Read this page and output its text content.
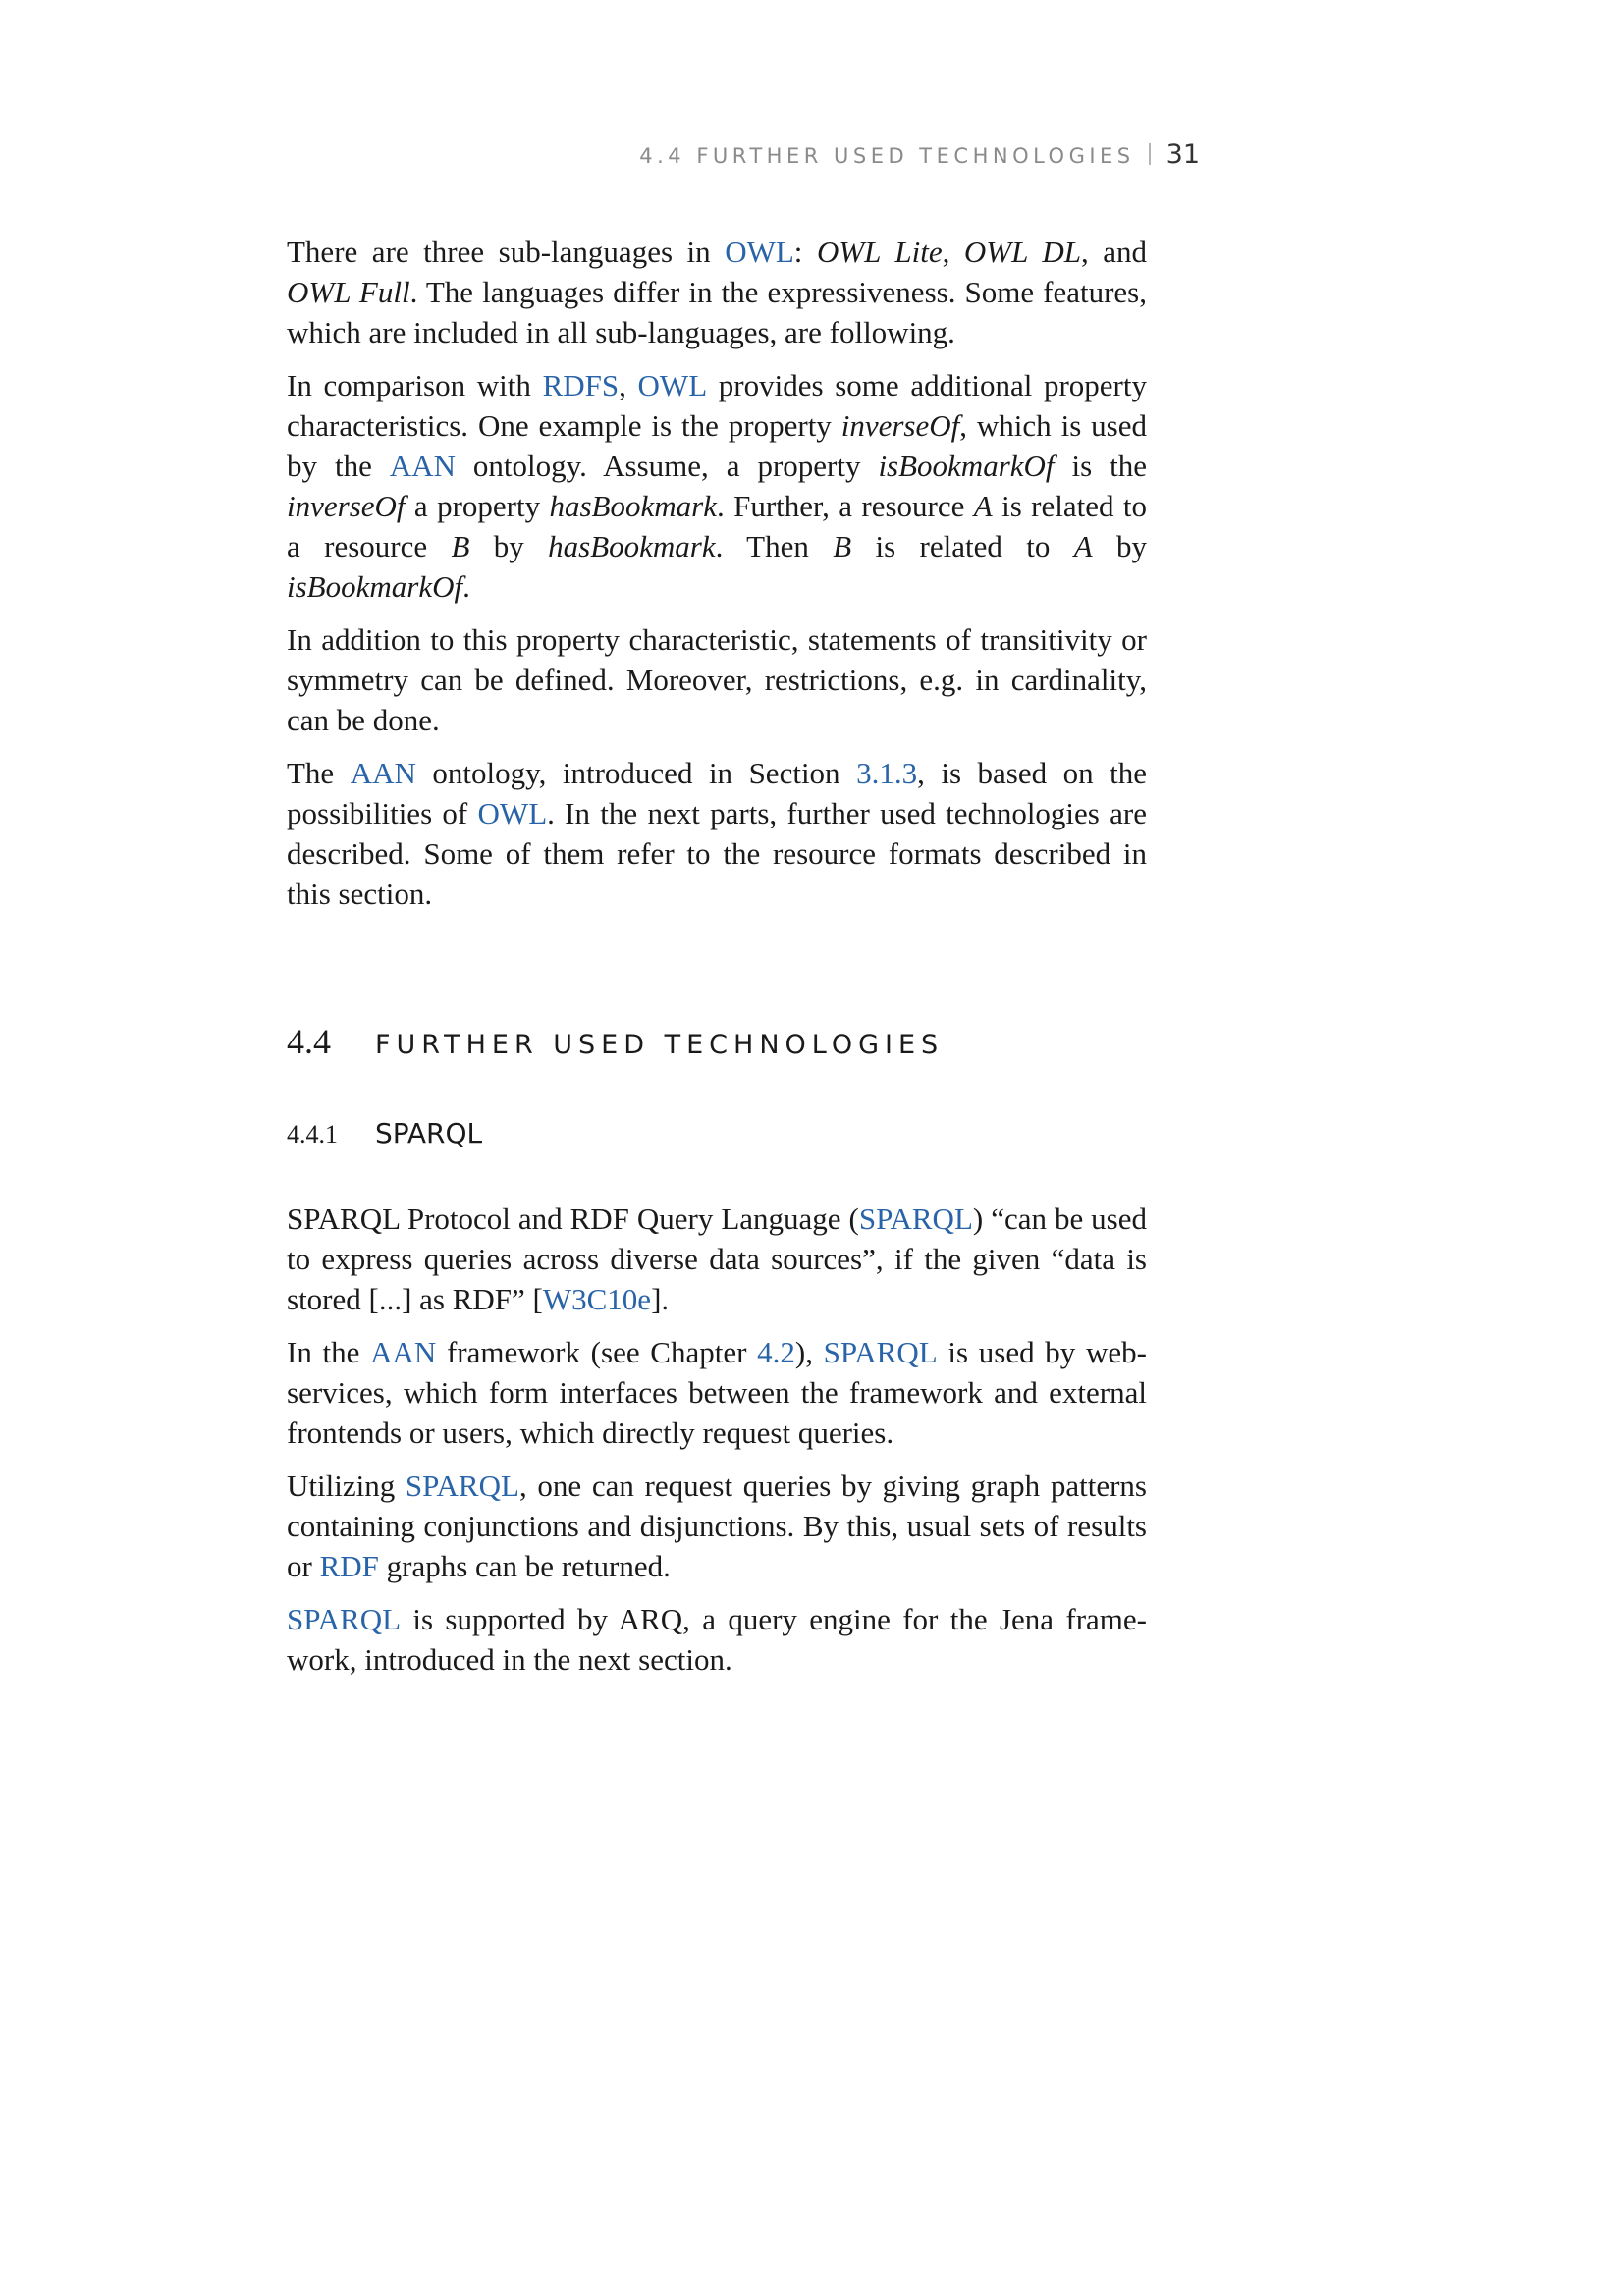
4.4 FURTHER USED TECHNOLOGIES 31

There are three sub-languages in OWL: OWL Lite, OWL DL, and OWL Full. The languages differ in the expressiveness. Some features, which are included in all sub-languages, are following.

In comparison with RDFS, OWL provides some additional property characteristics. One example is the property inverseOf, which is used by the AAN ontology. Assume, a property isBookmarkOf is the inverseOf a property hasBookmark. Further, a resource A is related to a resource B by hasBookmark. Then B is related to A by isBookmarkOf.

In addition to this property characteristic, statements of transitivity or symmetry can be defined. Moreover, restrictions, e.g. in cardinality, can be done.

The AAN ontology, introduced in Section 3.1.3, is based on the possibilities of OWL. In the next parts, further used technologies are described. Some of them refer to the resource formats described in this section.

4.4 FURTHER USED TECHNOLOGIES
4.4.1 SPARQL

SPARQL Protocol and RDF Query Language (SPARQL) “can be used to express queries across diverse data sources”, if the given “data is stored [...] as RDF” [W3C10e].

In the AAN framework (see Chapter 4.2), SPARQL is used by webservices, which form interfaces between the framework and external frontends or users, which directly request queries.

Utilizing SPARQL, one can request queries by giving graph patterns containing conjunctions and disjunctions. By this, usual sets of results or RDF graphs can be returned.

SPARQL is supported by ARQ, a query engine for the Jena framework, introduced in the next section.
